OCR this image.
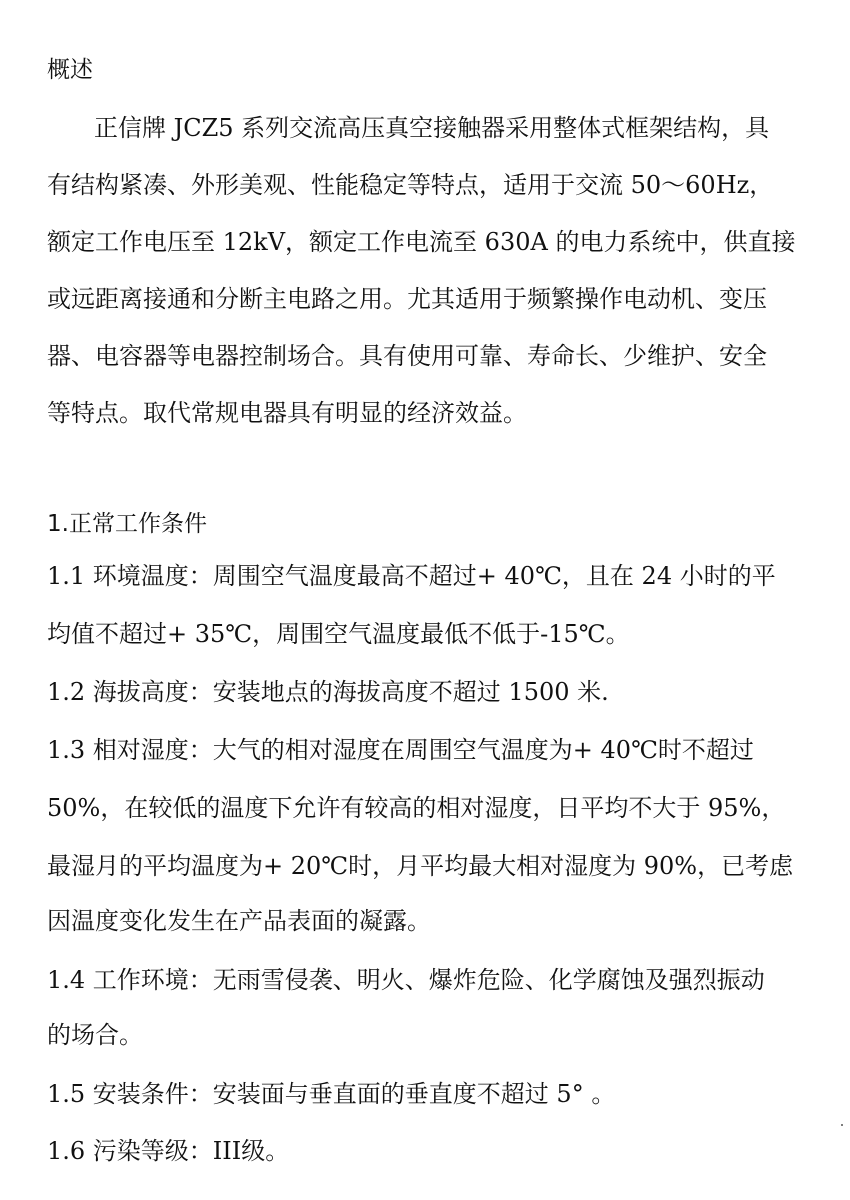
概述
正信牌 JCZ5 系列交流高压真空接触器采用整体式框架结构，具
有结构紧凑、外形美观、性能稳定等特点，适用于交流 50～60Hz，
额定工作电压至 12kV，额定工作电流至 630A 的电力系统中，供直接
或远距离接通和分断主电路之用。尤其适用于频繁操作电动机、变压
器、电容器等电器控制场合。具有使用可靠、寿命长、少维护、安全
等特点。取代常规电器具有明显的经济效益。
1.正常工作条件
1.1 环境温度：周围空气温度最高不超过+ 40℃，且在 24 小时的平
均值不超过+ 35℃，周围空气温度最低不低于-15℃。
1.2 海拔高度：安装地点的海拔高度不超过 1500 米.
1.3 相对湿度：大气的相对湿度在周围空气温度为+ 40℃时不超过
50%，在较低的温度下允许有较高的相对湿度，日平均不大于 95%，
最湿月的平均温度为+ 20℃时，月平均最大相对湿度为 90%，已考虑
因温度变化发生在产品表面的凝露。
1.4 工作环境：无雨雪侵袭、明火、爆炸危险、化学腐蚀及强烈振动
的场合。
1.5 安装条件：安装面与垂直面的垂直度不超过 5° 。
1.6 污染等级：III级。
